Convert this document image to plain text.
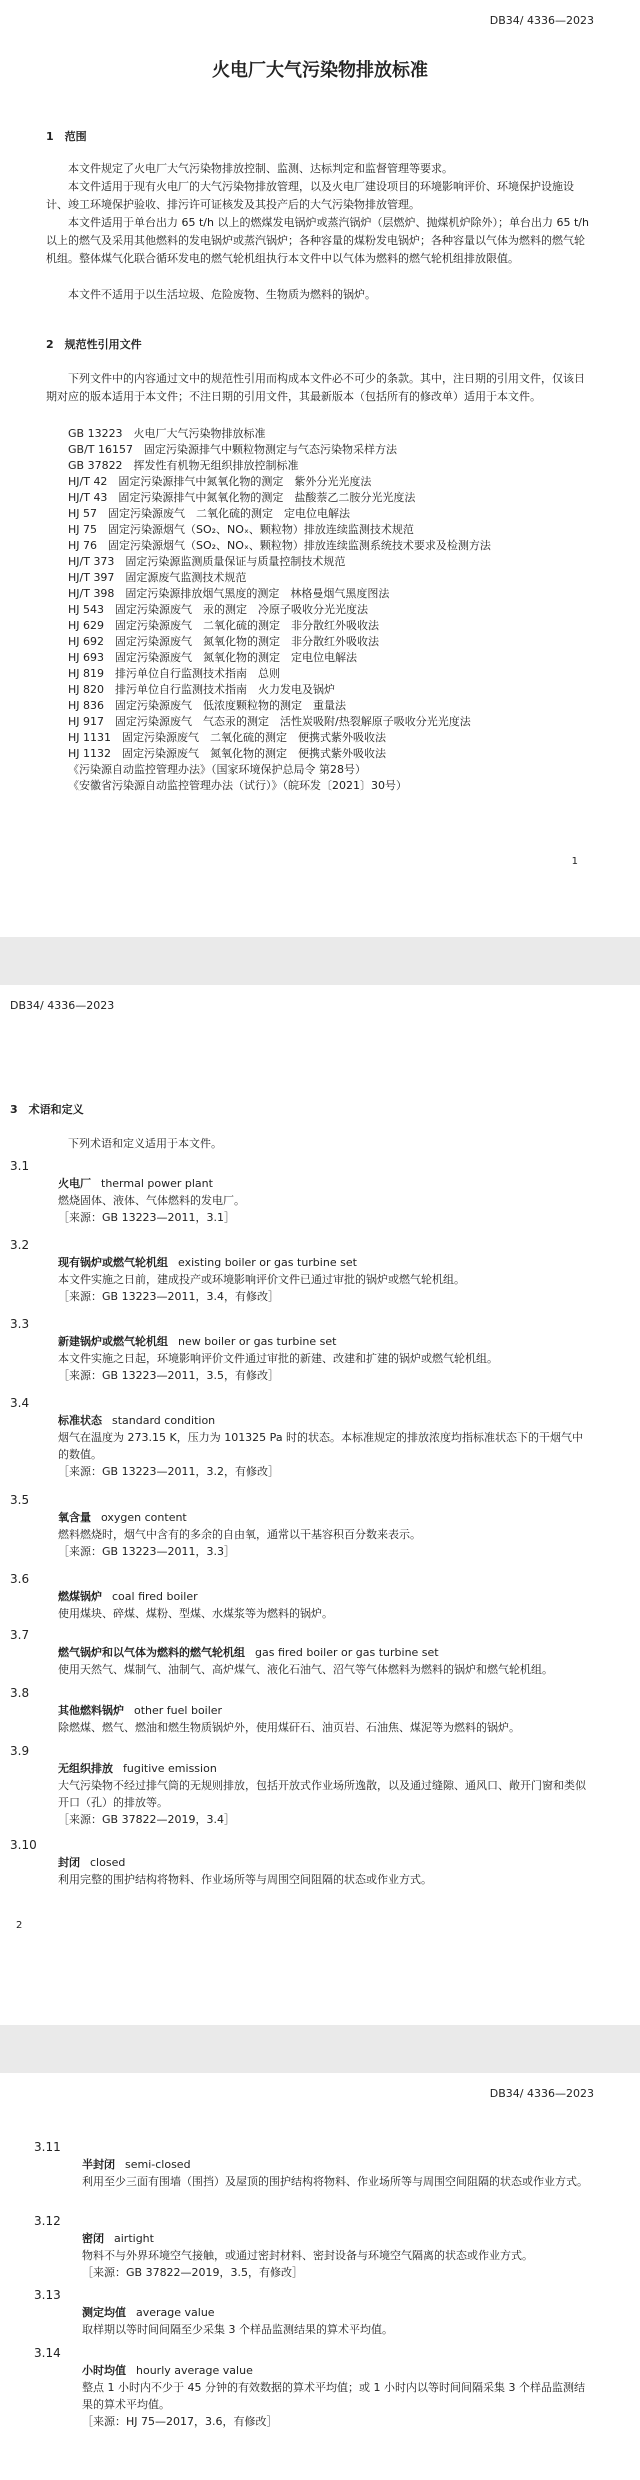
DB34/ 4336—2023
火电厂大气污染物排放标准
1　范围
本文件规定了火电厂大气污染物排放控制、监测、达标判定和监督管理等要求。
本文件适用于现有火电厂的大气污染物排放管理，以及火电厂建设项目的环境影响评价、环境保护设施设计、竣工环境保护验收、排污许可证核发及其投产后的大气污染物排放管理。
本文件适用于单台出力 65 t/h 以上的燃煤发电锅炉或蒸汽锅炉（层燃炉、抛煤机炉除外）；单台出力 65 t/h 以上的燃气及采用其他燃料的发电锅炉或蒸汽锅炉；各种容量的煤粉发电锅炉；各种容量以气体为燃料的燃气轮机组。整体煤气化联合循环发电的燃气轮机组执行本文件中以气体为燃料的燃气轮机组排放限值。
本文件不适用于以生活垃圾、危险废物、生物质为燃料的锅炉。
2　规范性引用文件
下列文件中的内容通过文中的规范性引用而构成本文件必不可少的条款。其中，注日期的引用文件，仅该日期对应的版本适用于本文件；不注日期的引用文件，其最新版本（包括所有的修改单）适用于本文件。
GB 13223　火电厂大气污染物排放标准
GB/T 16157　固定污染源排气中颗粒物测定与气态污染物采样方法
GB 37822　挥发性有机物无组织排放控制标准
HJ/T 42　固定污染源排气中氮氧化物的测定　紫外分光光度法
HJ/T 43　固定污染源排气中氮氧化物的测定　盐酸萘乙二胺分光光度法
HJ 57　固定污染源废气　二氧化硫的测定　定电位电解法
HJ 75　固定污染源烟气（SO₂、NOₓ、颗粒物）排放连续监测技术规范
HJ 76　固定污染源烟气（SO₂、NOₓ、颗粒物）排放连续监测系统技术要求及检测方法
HJ/T 373　固定污染源监测质量保证与质量控制技术规范
HJ/T 397　固定源废气监测技术规范
HJ/T 398　固定污染源排放烟气黑度的测定　林格曼烟气黑度图法
HJ 543　固定污染源废气　汞的测定　冷原子吸收分光光度法
HJ 629　固定污染源废气　二氧化硫的测定　非分散红外吸收法
HJ 692　固定污染源废气　氮氧化物的测定　非分散红外吸收法
HJ 693　固定污染源废气　氮氧化物的测定　定电位电解法
HJ 819　排污单位自行监测技术指南　总则
HJ 820　排污单位自行监测技术指南　火力发电及锅炉
HJ 836　固定污染源废气　低浓度颗粒物的测定　重量法
HJ 917　固定污染源废气　气态汞的测定　活性炭吸附/热裂解原子吸收分光光度法
HJ 1131　固定污染源废气　二氧化硫的测定　便携式紫外吸收法
HJ 1132　固定污染源废气　氮氧化物的测定　便携式紫外吸收法
《污染源自动监控管理办法》（国家环境保护总局令 第28号）
《安徽省污染源自动监控管理办法（试行）》（皖环发〔2021〕30号）
1
DB34/ 4336—2023
3　术语和定义
下列术语和定义适用于本文件。
3.1
火电厂 thermal power plant
燃烧固体、液体、气体燃料的发电厂。
［来源：GB 13223—2011，3.1］
3.2
现有锅炉或燃气轮机组 existing boiler or gas turbine set
本文件实施之日前，建成投产或环境影响评价文件已通过审批的锅炉或燃气轮机组。
［来源：GB 13223—2011，3.4，有修改］
3.3
新建锅炉或燃气轮机组 new boiler or gas turbine set
本文件实施之日起，环境影响评价文件通过审批的新建、改建和扩建的锅炉或燃气轮机组。
［来源：GB 13223—2011，3.5，有修改］
3.4
标准状态 standard condition
烟气在温度为 273.15 K，压力为 101325 Pa 时的状态。本标准规定的排放浓度均指标准状态下的干烟气中的数值。
［来源：GB 13223—2011，3.2，有修改］
3.5
氧含量 oxygen content
燃料燃烧时，烟气中含有的多余的自由氧，通常以干基容积百分数来表示。
［来源：GB 13223—2011，3.3］
3.6
燃煤锅炉 coal fired boiler
使用煤块、碎煤、煤粉、型煤、水煤浆等为燃料的锅炉。
3.7
燃气锅炉和以气体为燃料的燃气轮机组 gas fired boiler or gas turbine set
使用天然气、煤制气、油制气、高炉煤气、液化石油气、沼气等气体燃料为燃料的锅炉和燃气轮机组。
3.8
其他燃料锅炉 other fuel boiler
除燃煤、燃气、燃油和燃生物质锅炉外，使用煤矸石、油页岩、石油焦、煤泥等为燃料的锅炉。
3.9
无组织排放 fugitive emission
大气污染物不经过排气筒的无规则排放，包括开放式作业场所逸散，以及通过缝隙、通风口、敞开门窗和类似开口（孔）的排放等。
［来源：GB 37822—2019，3.4］
3.10
封闭 closed
利用完整的围护结构将物料、作业场所等与周围空间阻隔的状态或作业方式。
2
DB34/ 4336—2023
3.11
半封闭 semi-closed
利用至少三面有围墙（围挡）及屋顶的围护结构将物料、作业场所等与周围空间阻隔的状态或作业方式。
3.12
密闭 airtight
物料不与外界环境空气接触，或通过密封材料、密封设备与环境空气隔离的状态或作业方式。
［来源：GB 37822—2019，3.5，有修改］
3.13
测定均值 average value
取样期以等时间间隔至少采集 3 个样品监测结果的算术平均值。
3.14
小时均值 hourly average value
整点 1 小时内不少于 45 分钟的有效数据的算术平均值；或 1 小时内以等时间间隔采集 3 个样品监测结果的算术平均值。
［来源：HJ 75—2017，3.6，有修改］
